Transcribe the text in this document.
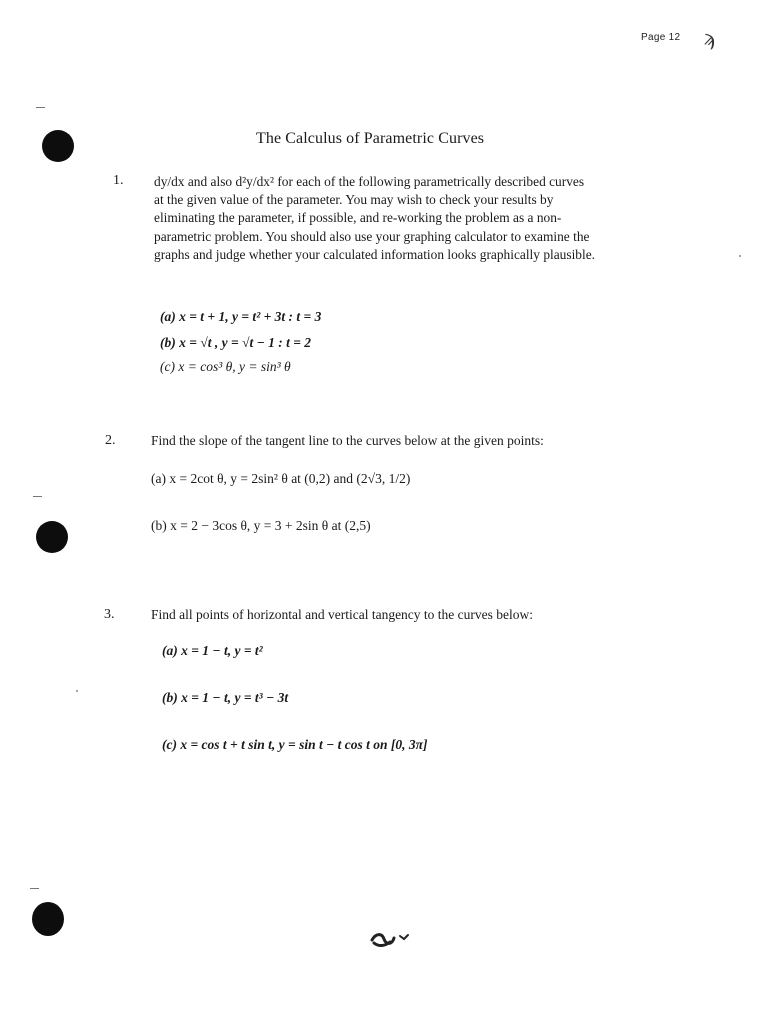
Page 12 ϡ
The Calculus of Parametric Curves
1. dy/dx and also d²y/dx² for each of the following parametrically described curves
at the given value of the parameter. You may wish to check your results by
eliminating the parameter, if possible, and re-working the problem as a non-
parametric problem. You should also use your graphing calculator to examine the
graphs and judge whether your calculated information looks graphically plausible.
(a) x = t + 1, y = t² + 3t : t = 3
(b) x = √t , y = √t − 1 : t = 2
(c) x = cos³ θ, y = sin³ θ
2.	Find the slope of the tangent line to the curves below at the given points:
(a) x = 2cot θ, y = 2sin² θ at (0,2) and (2√3, 1/2)
(b) x = 2 − 3cos θ, y = 3 + 2sin θ at (2,5)
3.	Find all points of horizontal and vertical tangency to the curves below:
(a) x = 1 − t, y = t²
(b) x = 1 − t, y = t³ − 3t
(c) x = cos t + t sin t, y = sin t − t cos t on [0, 3π]
